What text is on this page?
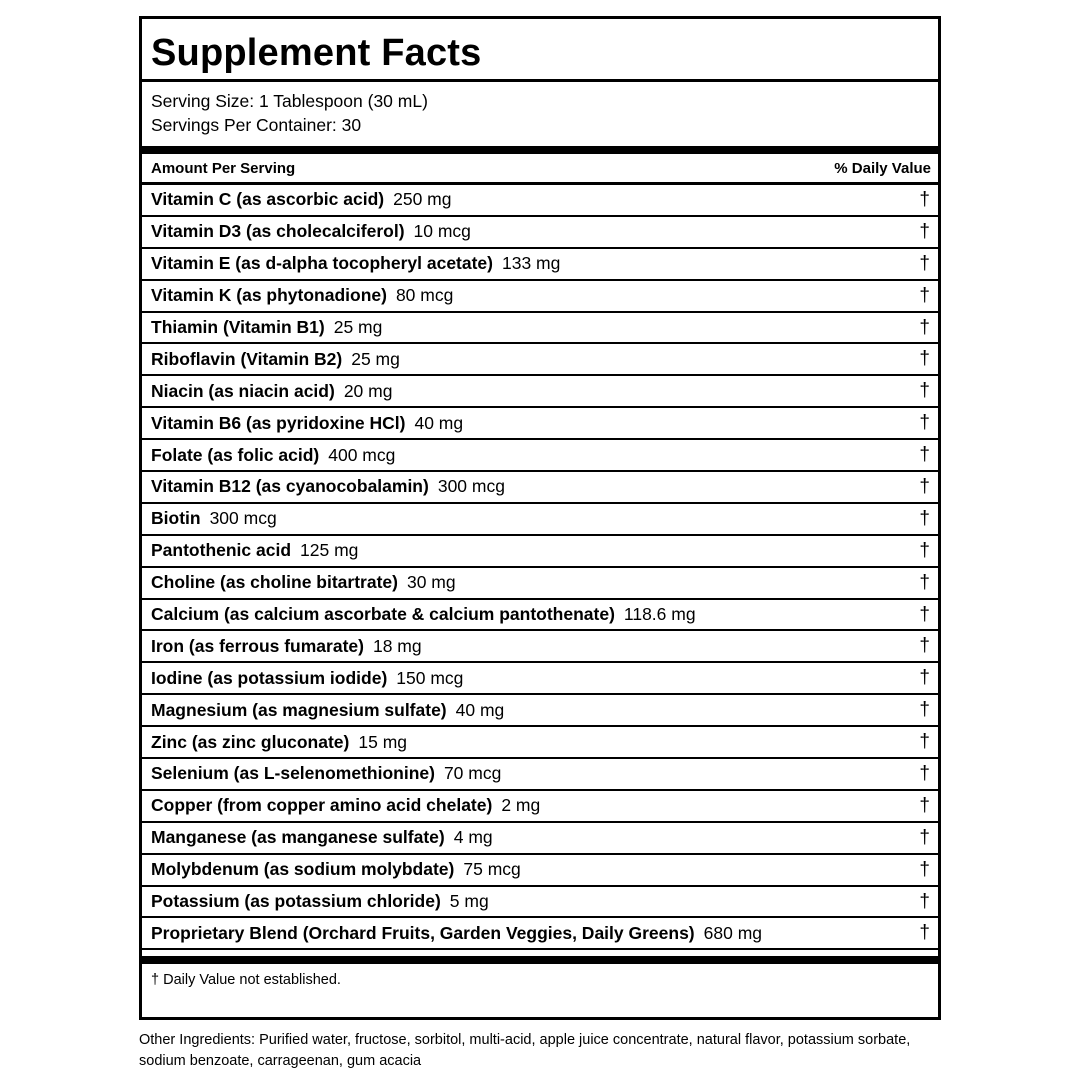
Supplement Facts
Serving Size: 1 Tablespoon (30 mL)
Servings Per Container: 30
Amount Per Serving	% Daily Value
Vitamin C (as ascorbic acid) 250 mg	†
Vitamin D3 (as cholecalciferol) 10 mcg	†
Vitamin E (as d-alpha tocopheryl acetate) 133 mg	†
Vitamin K (as phytonadione) 80 mcg	†
Thiamin (Vitamin B1) 25 mg	†
Riboflavin (Vitamin B2) 25 mg	†
Niacin (as niacin acid) 20 mg	†
Vitamin B6 (as pyridoxine HCl) 40 mg	†
Folate (as folic acid) 400 mcg	†
Vitamin B12 (as cyanocobalamin) 300 mcg	†
Biotin 300 mcg	†
Pantothenic acid 125 mg	†
Choline (as choline bitartrate) 30 mg	†
Calcium (as calcium ascorbate & calcium pantothenate) 118.6 mg	†
Iron (as ferrous fumarate) 18 mg	†
Iodine (as potassium iodide) 150 mcg	†
Magnesium (as magnesium sulfate) 40 mg	†
Zinc (as zinc gluconate) 15 mg	†
Selenium (as L-selenomethionine) 70 mcg	†
Copper (from copper amino acid chelate) 2 mg	†
Manganese (as manganese sulfate) 4 mg	†
Molybdenum (as sodium molybdate) 75 mcg	†
Potassium (as potassium chloride) 5 mg	†
Proprietary Blend (Orchard Fruits, Garden Veggies, Daily Greens) 680 mg	†
† Daily Value not established.
Other Ingredients: Purified water, fructose, sorbitol, multi-acid, apple juice concentrate, natural flavor, potassium sorbate, sodium benzoate, carrageenan, gum acacia
